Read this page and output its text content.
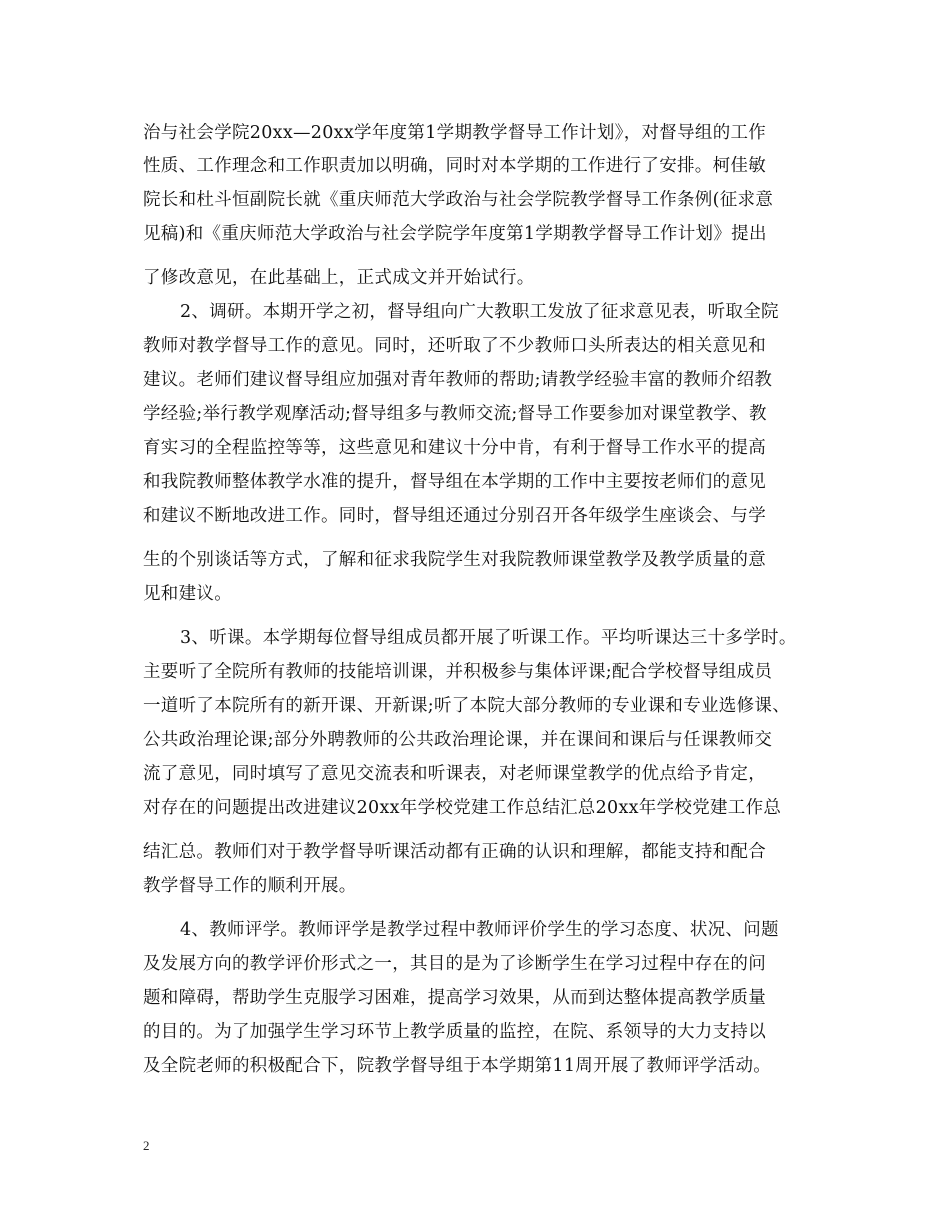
治与社会学院20xx—20xx学年度第1学期教学督导工作计划》，对督导组的工作
性质、工作理念和工作职责加以明确，同时对本学期的工作进行了安排。柯佳敏
院长和杜斗恒副院长就《重庆师范大学政治与社会学院教学督导工作条例(征求意
见稿)和《重庆师范大学政治与社会学院学年度第1学期教学督导工作计划》提出
了修改意见，在此基础上，正式成文并开始试行。
2、调研。本期开学之初，督导组向广大教职工发放了征求意见表，听取全院
教师对教学督导工作的意见。同时，还听取了不少教师口头所表达的相关意见和
建议。老师们建议督导组应加强对青年教师的帮助;请教学经验丰富的教师介绍教
学经验;举行教学观摩活动;督导组多与教师交流;督导工作要参加对课堂教学、教
育实习的全程监控等等，这些意见和建议十分中肯，有利于督导工作水平的提高
和我院教师整体教学水准的提升，督导组在本学期的工作中主要按老师们的意见
和建议不断地改进工作。同时，督导组还通过分别召开各年级学生座谈会、与学
生的个别谈话等方式，了解和征求我院学生对我院教师课堂教学及教学质量的意
见和建议。
3、听课。本学期每位督导组成员都开展了听课工作。平均听课达三十多学时。
主要听了全院所有教师的技能培训课，并积极参与集体评课;配合学校督导组成员
一道听了本院所有的新开课、开新课;听了本院大部分教师的专业课和专业选修课、
公共政治理论课;部分外聘教师的公共政治理论课，并在课间和课后与任课教师交
流了意见，同时填写了意见交流表和听课表，对老师课堂教学的优点给予肯定，
对存在的问题提出改进建议20xx年学校党建工作总结汇总20xx年学校党建工作总
结汇总。教师们对于教学督导听课活动都有正确的认识和理解，都能支持和配合
教学督导工作的顺利开展。
4、教师评学。教师评学是教学过程中教师评价学生的学习态度、状况、问题
及发展方向的教学评价形式之一，其目的是为了诊断学生在学习过程中存在的问
题和障碍，帮助学生克服学习困难，提高学习效果，从而到达整体提高教学质量
的目的。为了加强学生学习环节上教学质量的监控，在院、系领导的大力支持以
及全院老师的积极配合下，院教学督导组于本学期第11周开展了教师评学活动。
2
